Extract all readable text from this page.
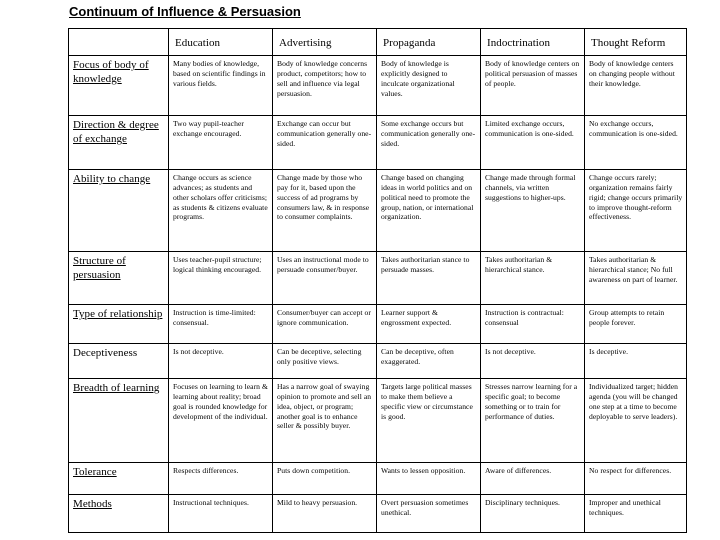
Continuum of Influence & Persuasion
	Education	Advertising	Propaganda	Indoctrination	Thought Reform
Focus of body of knowledge	Many bodies of knowledge, based on scientific findings in various fields.	Body of knowledge concerns product, competitors; how to sell and influence via legal persuasion.	Body of knowledge is explicitly designed to inculcate organizational values.	Body of knowledge centers on political persuasion of masses of people.	Body of knowledge centers on changing people without their knowledge.
Direction & degree of exchange	Two way pupil-teacher exchange encouraged.	Exchange can occur but communication generally one-sided.	Some exchange occurs but communication generally one-sided.	Limited exchange occurs, communication is one-sided.	No exchange occurs, communication is one-sided.
Ability to change	Change occurs as science advances; as students and other scholars offer criticisms; as students & citizens evaluate programs.	Change made by those who pay for it, based upon the success of ad programs by consumers law, & in response to consumer complaints.	Change based on changing ideas in world politics and on political need to promote the group, nation, or international organization.	Change made through formal channels, via written suggestions to higher-ups.	Change occurs rarely; organization remains fairly rigid; change occurs primarily to improve thought-reform effectiveness.
Structure of persuasion	Uses teacher-pupil structure; logical thinking encouraged.	Uses an instructional mode to persuade consumer/buyer.	Takes authoritarian stance to persuade masses.	Takes authoritarian & hierarchical stance.	Takes authoritarian & hierarchical stance; No full awareness on part of learner.
Type of relationship	Instruction is time-limited: consensual.	Consumer/buyer can accept or ignore communication.	Learner support & engrossment expected.	Instruction is contractual: consensual	Group attempts to retain people forever.
Deceptiveness	Is not deceptive.	Can be deceptive, selecting only positive views.	Can be deceptive, often exaggerated.	Is not deceptive.	Is deceptive.
Breadth of learning	Focuses on learning to learn & learning about reality; broad goal is rounded knowledge for development of the individual.	Has a narrow goal of swaying opinion to promote and sell an idea, object, or program; another goal is to enhance seller & possibly buyer.	Targets large political masses to make them believe a specific view or circumstance is good.	Stresses narrow learning for a specific goal; to become something or to train for performance of duties.	Individualized target; hidden agenda (you will be changed one step at a time to become deployable to serve leaders).
Tolerance	Respects differences.	Puts down competition.	Wants to lessen opposition.	Aware of differences.	No respect for differences.
Methods	Instructional techniques.	Mild to heavy persuasion.	Overt persuasion sometimes unethical.	Disciplinary techniques.	Improper and unethical techniques.
